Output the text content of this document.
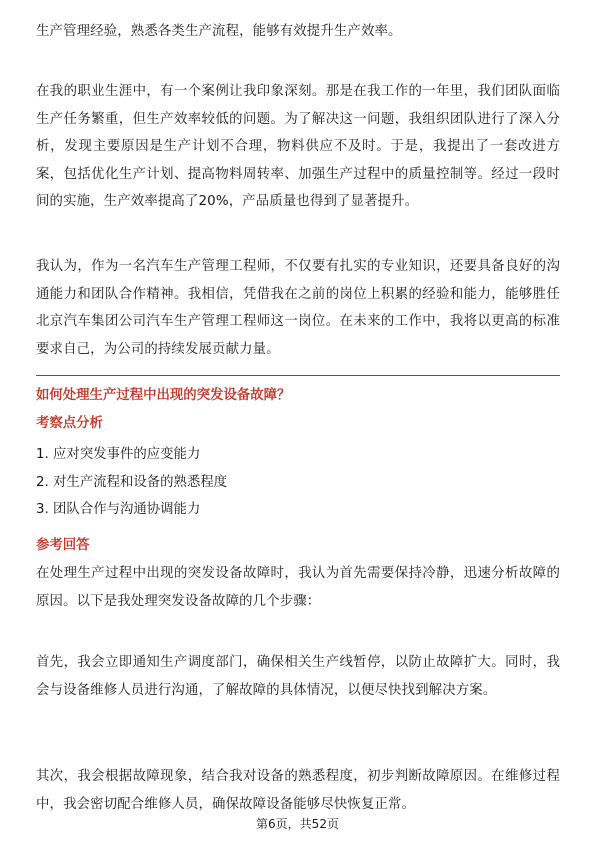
生产管理经验，熟悉各类生产流程，能够有效提升生产效率。

在我的职业生涯中，有一个案例让我印象深刻。那是在我工作的一年里，我们团队面临生产任务繁重，但生产效率较低的问题。为了解决这一问题，我组织团队进行了深入分析，发现主要原因是生产计划不合理，物料供应不及时。于是，我提出了一套改进方案，包括优化生产计划、提高物料周转率、加强生产过程中的质量控制等。经过一段时间的实施，生产效率提高了20%，产品质量也得到了显著提升。

我认为，作为一名汽车生产管理工程师，不仅要有扎实的专业知识，还要具备良好的沟通能力和团队合作精神。我相信，凭借我在之前的岗位上积累的经验和能力，能够胜任北京汽车集团公司汽车生产管理工程师这一岗位。在未来的工作中，我将以更高的标准要求自己，为公司的持续发展贡献力量。

如何处理生产过程中出现的突发设备故障？
考察点分析
1. 应对突发事件的应变能力
2. 对生产流程和设备的熟悉程度
3. 团队合作与沟通协调能力
参考回答

在处理生产过程中出现的突发设备故障时，我认为首先需要保持冷静，迅速分析故障的原因。以下是我处理突发设备故障的几个步骤：

首先，我会立即通知生产调度部门，确保相关生产线暂停，以防止故障扩大。同时，我会与设备维修人员进行沟通，了解故障的具体情况，以便尽快找到解决方案。

其次，我会根据故障现象，结合我对设备的熟悉程度，初步判断故障原因。在维修过程中，我会密切配合维修人员，确保故障设备能够尽快恢复正常。

第6页，共52页
